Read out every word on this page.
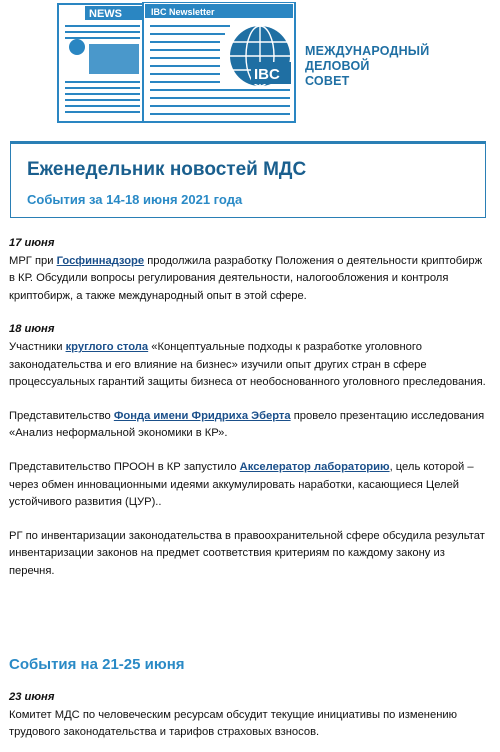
NEWS	IBC Newsletter
IBC
МЕЖДУНАРОДНЫЙ
ДЕЛОВОЙ
СОВЕТ
Еженедельник новостей МДС
События за 14-18 июня 2021 года
17 июня

МРГ при Госфиннадзоре продолжила разработку Положения о деятельности криптобирж в КР. Обсудили вопросы регулирования деятельности, налогообложения и контроля криптобирж, а также международный опыт в этой сфере.

18 июня

Участники круглого стола «Концептуальные подходы к разработке уголовного законодательства и его влияние на бизнес» изучили опыт других стран в сфере процессуальных гарантий защиты бизнеса от необоснованного уголовного преследования.

Представительство Фонда имени Фридриха Эберта провело презентацию исследования «Анализ неформальной экономики в КР».

Представительство ПРООН в КР запустило Акселератор лабораторию, цель которой – через обмен инновационными идеями аккумулировать наработки, касающиеся Целей устойчивого развития (ЦУР)..

РГ по инвентаризации законодательства в правоохранительной сфере обсудила результат инвентаризации законов на предмет соответствия критериям по каждому закону из перечня.

События на 21-25 июня
23 июня

Комитет МДС по человеческим ресурсам обсудит текущие инициативы по изменению трудового законодательства и тарифов страховых взносов.
